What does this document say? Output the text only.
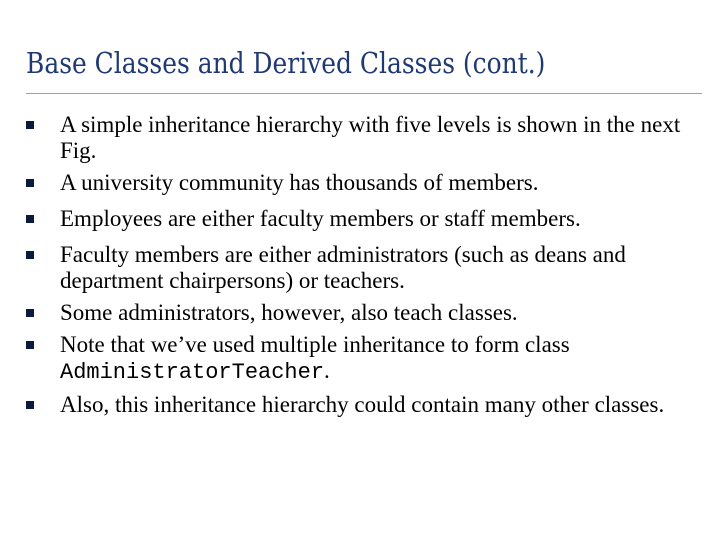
Base Classes and Derived Classes (cont.)
A simple inheritance hierarchy with five levels is shown in the next Fig.
A university community has thousands of members.
Employees are either faculty members or staff members.
Faculty members are either administrators (such as deans and department chairpersons) or teachers.
Some administrators, however, also teach classes.
Note that we’ve used multiple inheritance to form class AdministratorTeacher.
Also, this inheritance hierarchy could contain many other classes.
